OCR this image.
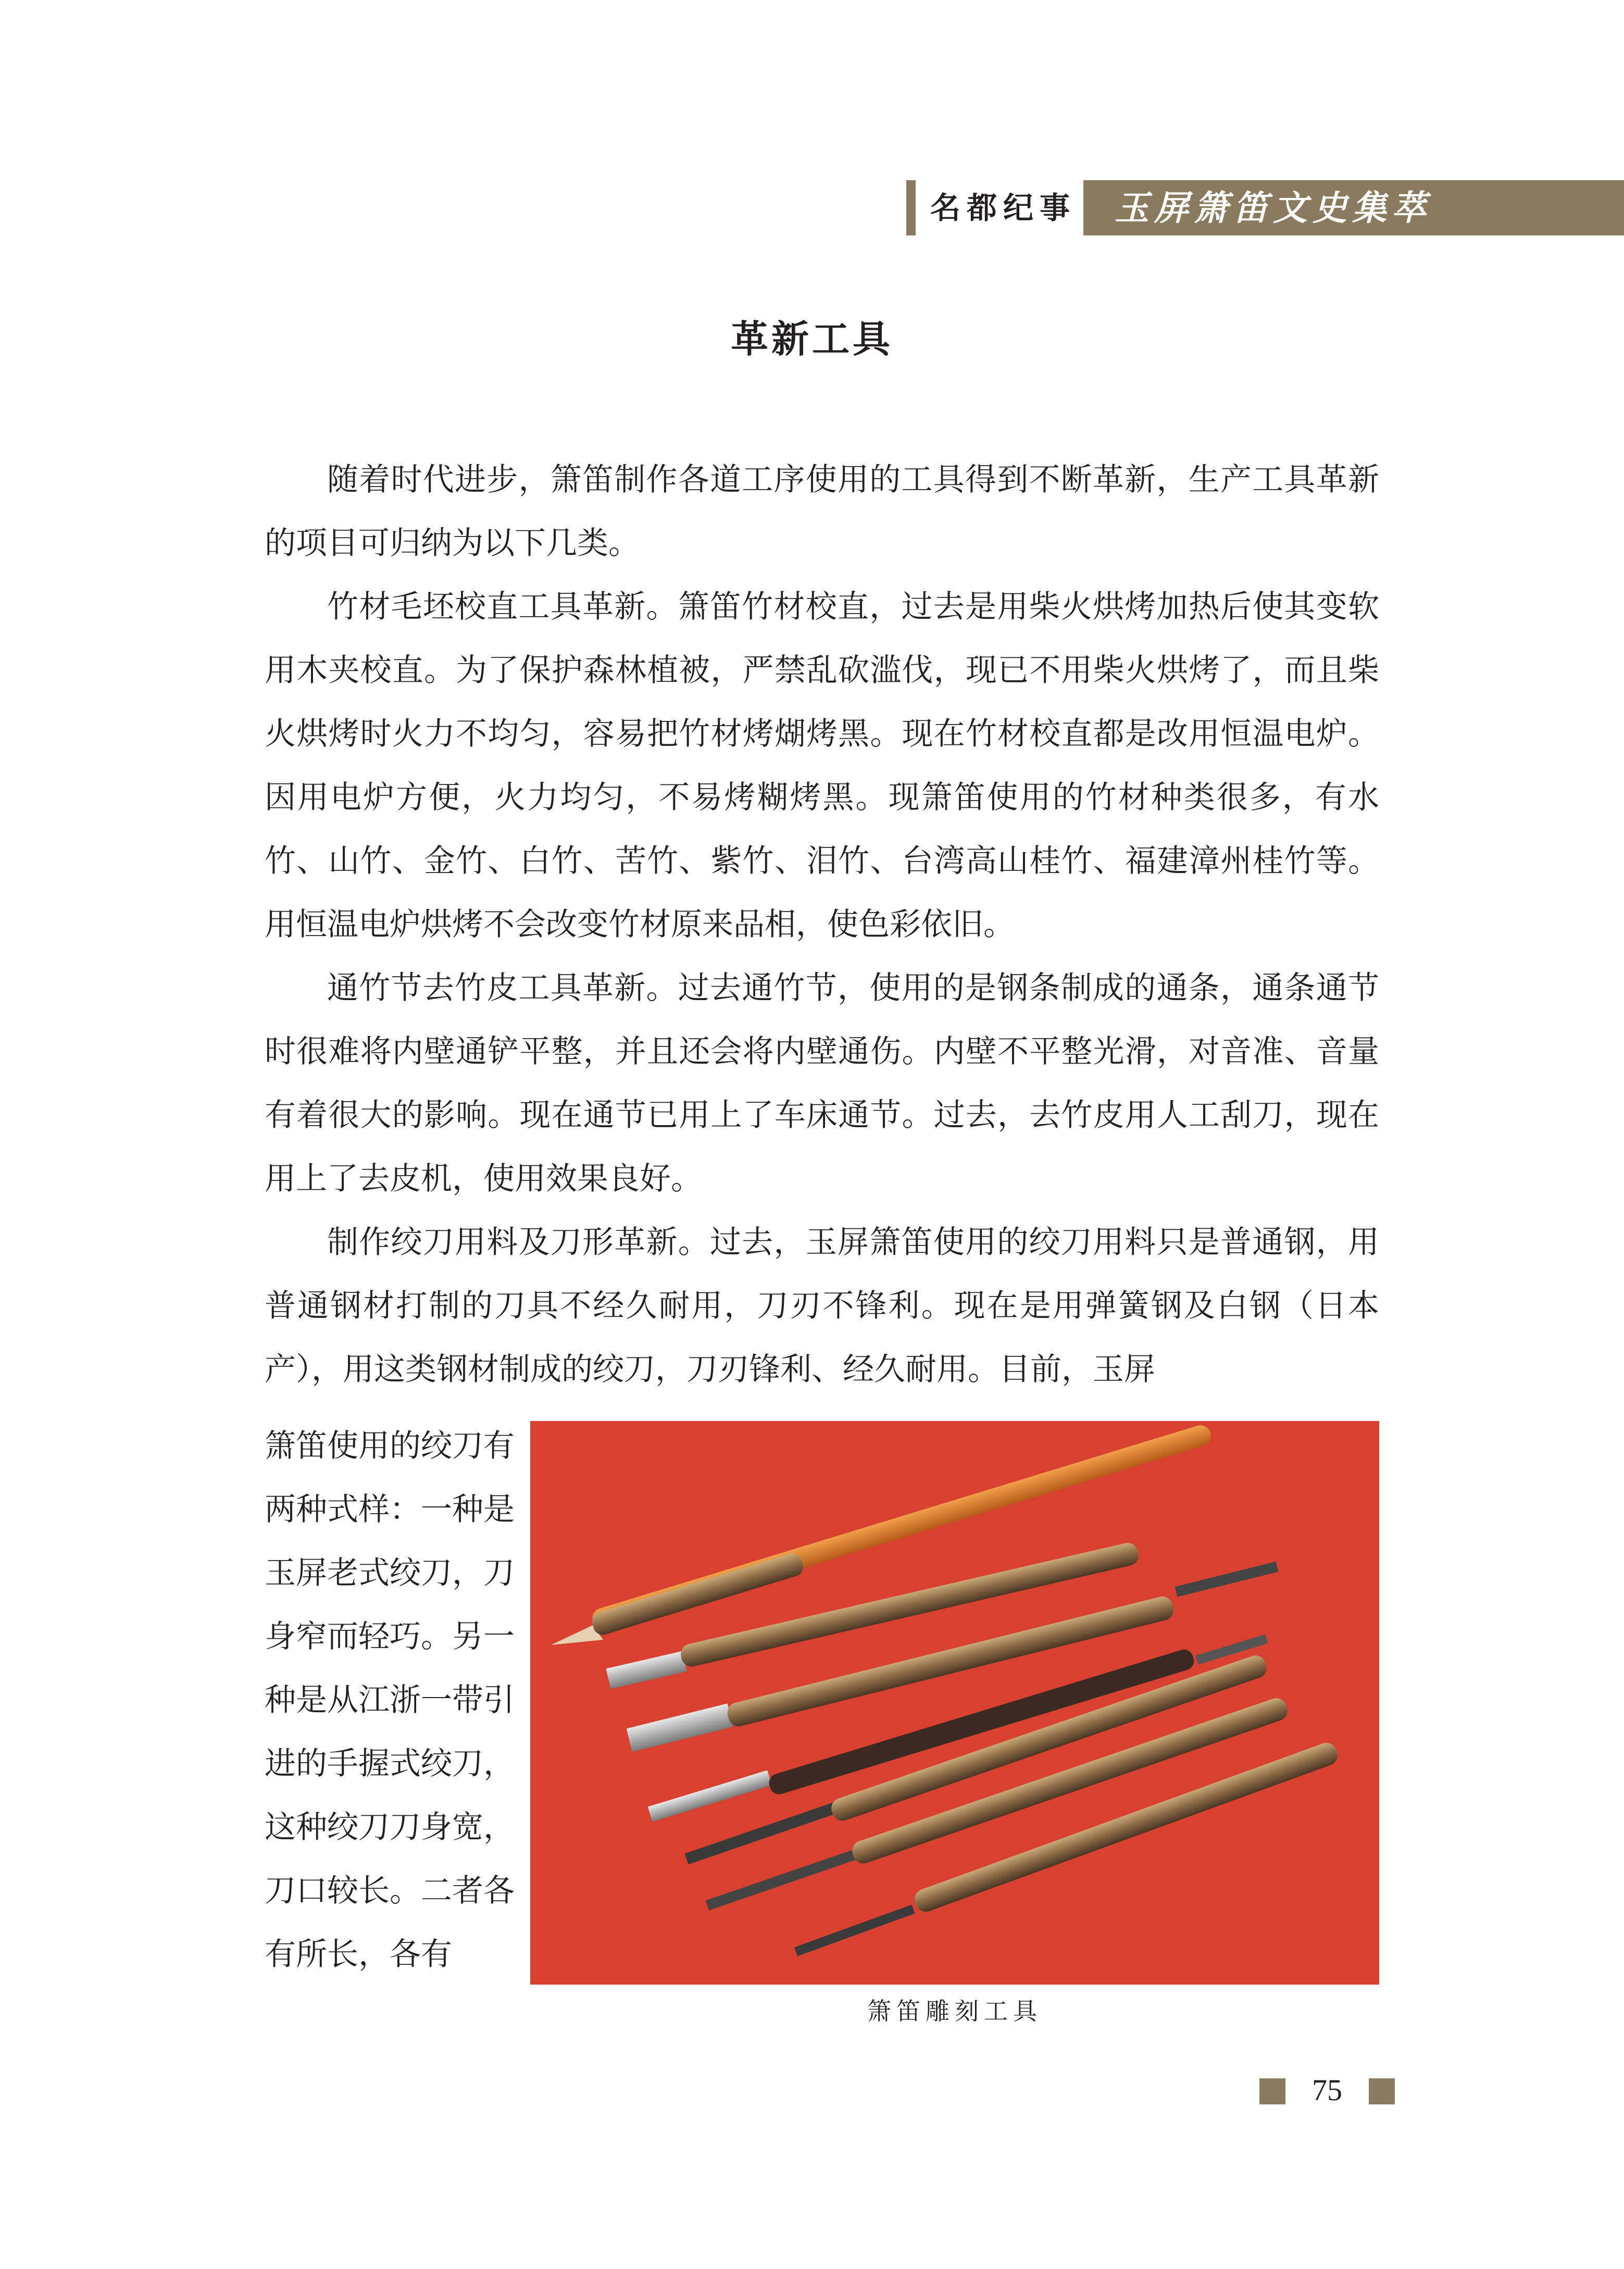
名都纪事 玉屏箫笛文史集萃
革新工具

随着时代进步，箫笛制作各道工序使用的工具得到不断革新，生产工具革新的项目可归纳为以下几类。

竹材毛坯校直工具革新。箫笛竹材校直，过去是用柴火烘烤加热后使其变软用木夹校直。为了保护森林植被，严禁乱砍滥伐，现已不用柴火烘烤了，而且柴火烘烤时火力不均匀，容易把竹材烤煳烤黑。现在竹材校直都是改用恒温电炉。因用电炉方便，火力均匀，不易烤糊烤黑。现箫笛使用的竹材种类很多，有水竹、山竹、金竹、白竹、苦竹、紫竹、泪竹、台湾高山桂竹、福建漳州桂竹等。用恒温电炉烘烤不会改变竹材原来品相，使色彩依旧。

通竹节去竹皮工具革新。过去通竹节，使用的是钢条制成的通条，通条通节时很难将内壁通铲平整，并且还会将内壁通伤。内壁不平整光滑，对音准、音量有着很大的影响。现在通节已用上了车床通节。过去，去竹皮用人工刮刀，现在用上了去皮机，使用效果良好。

制作绞刀用料及刀形革新。过去，玉屏箫笛使用的绞刀用料只是普通钢，用普通钢材打制的刀具不经久耐用，刀刃不锋利。现在是用弹簧钢及白钢（日本产），用这类钢材制成的绞刀，刀刃锋利、经久耐用。目前，玉屏

箫笛使用的绞刀有两种式样：一种是玉屏老式绞刀，刀身窄而轻巧。另一种是从江浙一带引进的手握式绞刀，这种绞刀刀身宽，刀口较长。二者各有所长，各有
箫笛雕刻工具
75
